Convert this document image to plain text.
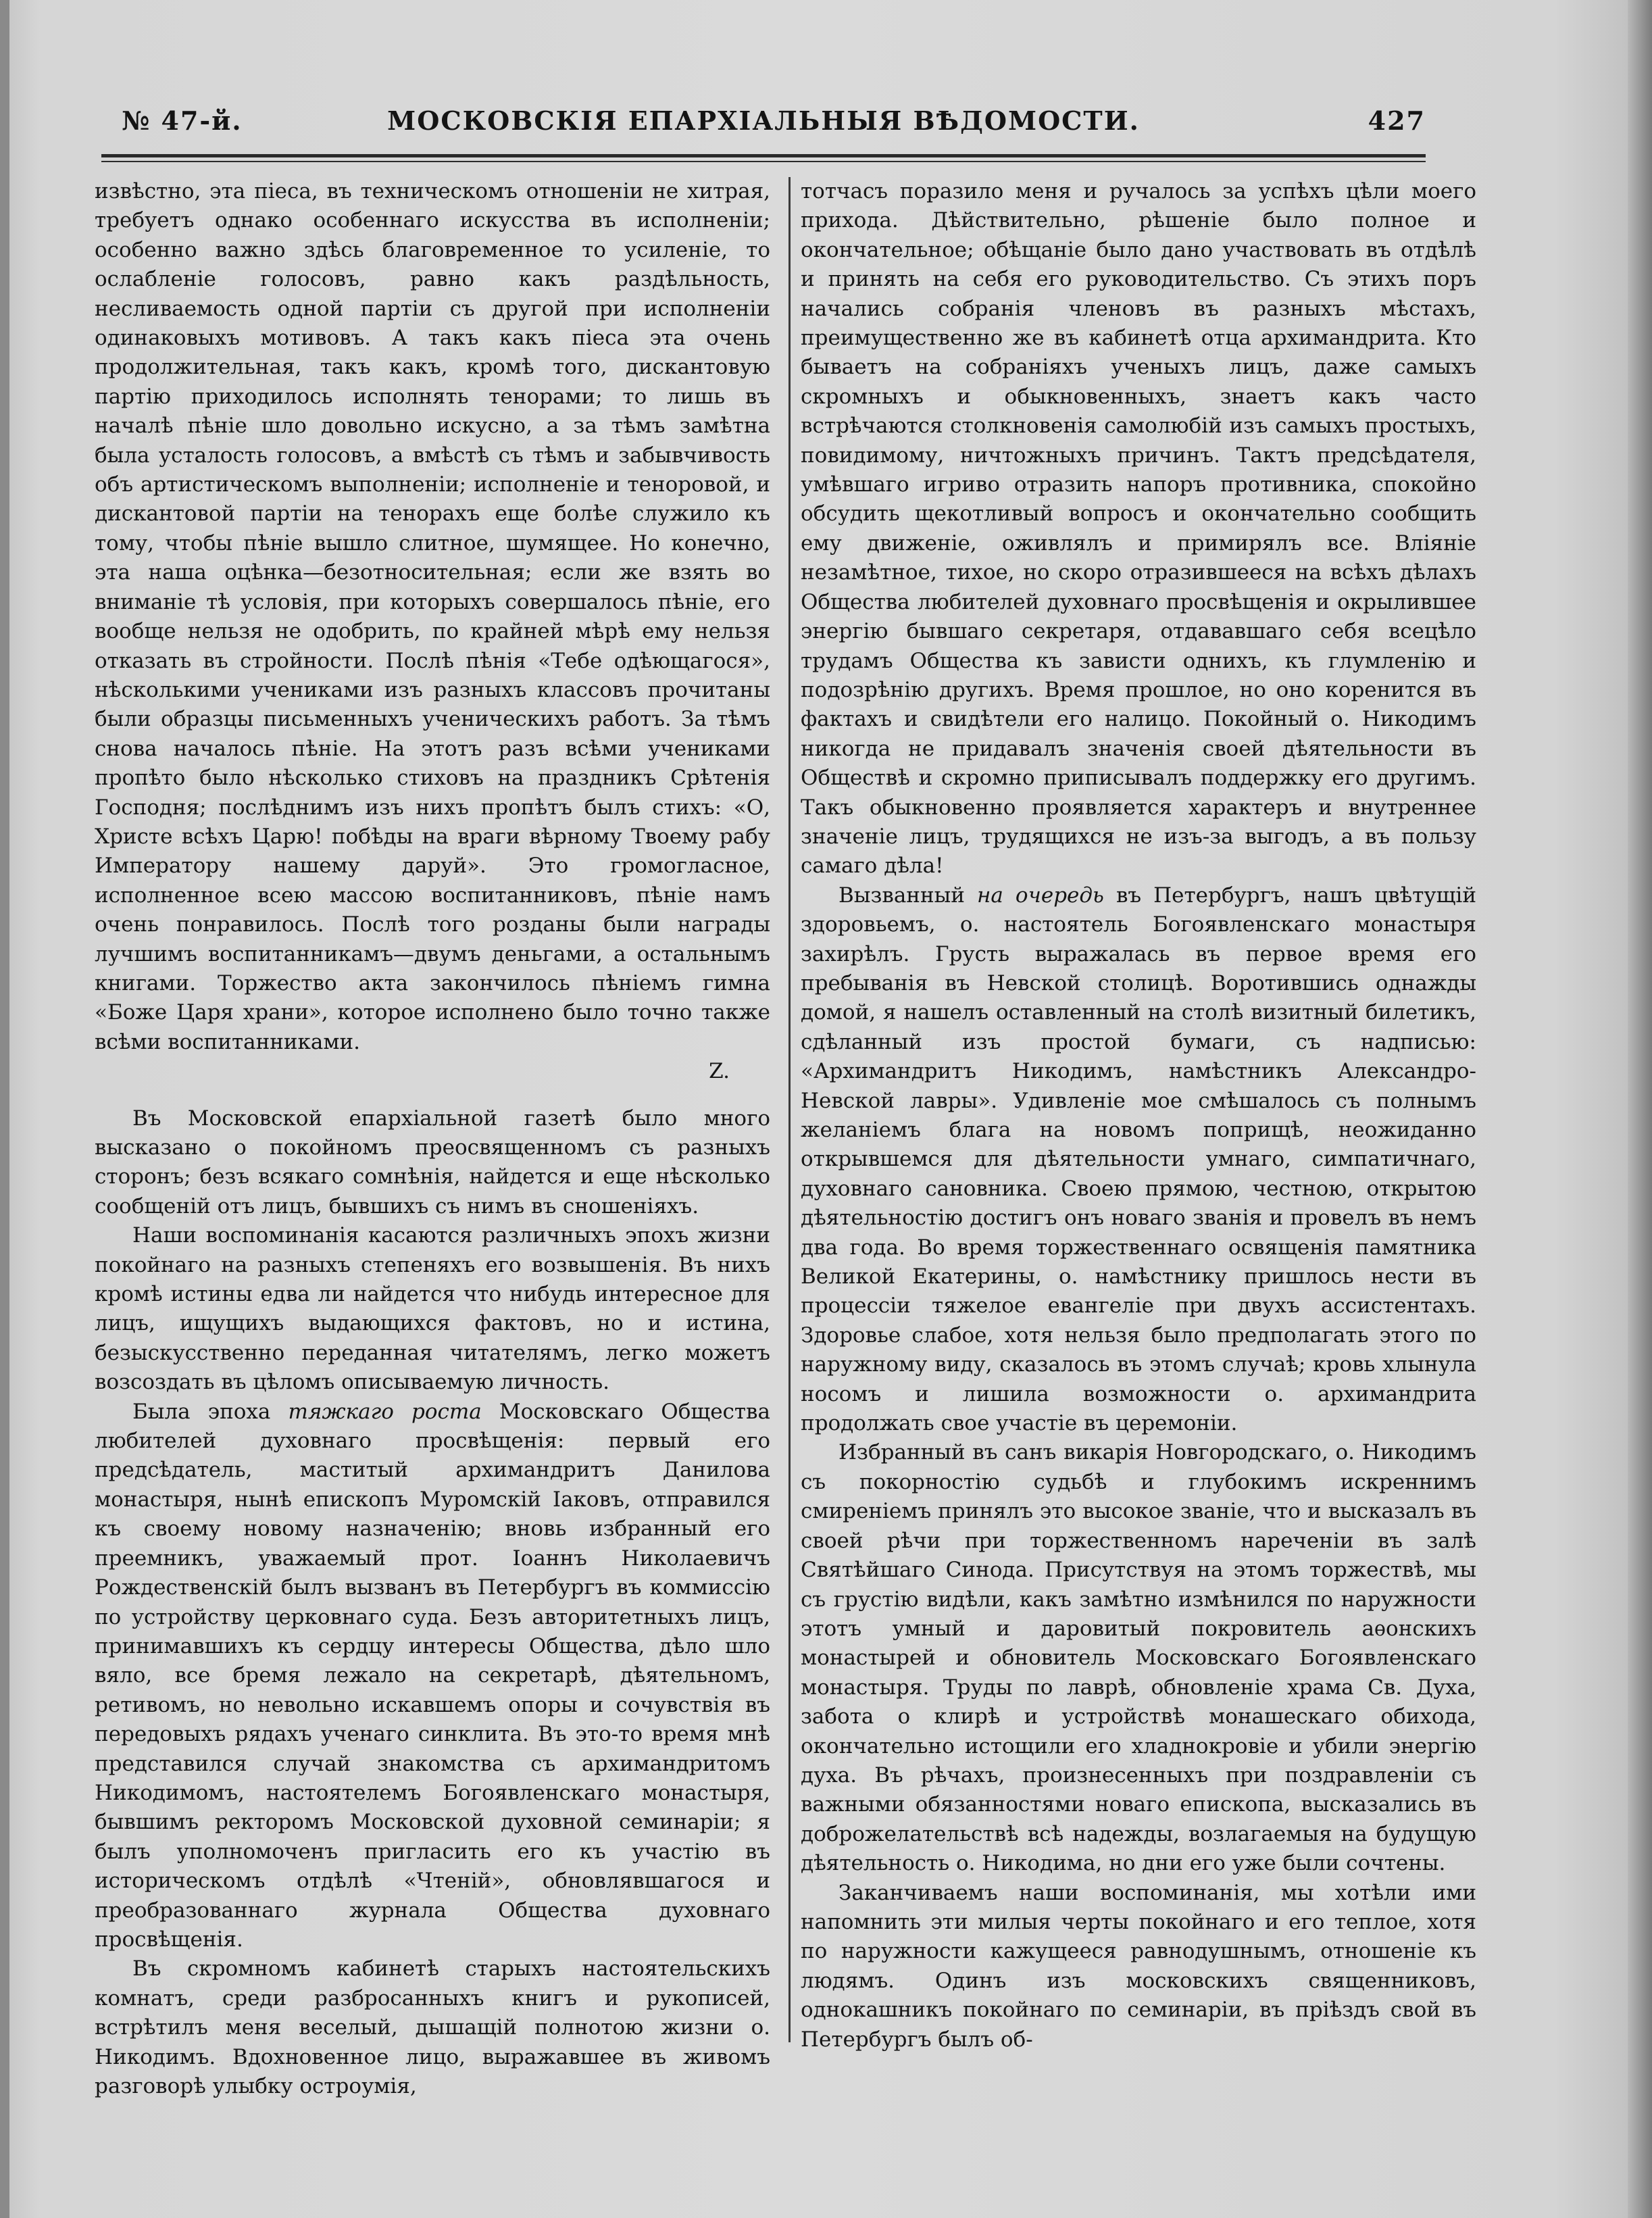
№ 47-й.	МОСКОВСКІЯ ЕПАРХІАЛЬНЫЯ ВѢДОМОСТИ.	427

извѣстно, эта пiеса, въ техническомъ отношенiи не хитрая, требуетъ однако особеннаго искусства въ исполненiи; особенно важно здѣсь благовременное то усиленiе, то ослабленiе голосовъ, равно какъ раздѣльность, несливаемость одной партiи съ другой при исполненiи одинаковыхъ мотивовъ. А такъ какъ пiеса эта очень продолжительная, такъ какъ, кромѣ того, дискантовую партiю приходилось исполнять тенорами; то лишь въ началѣ пѣнiе шло довольно искусно, а за тѣмъ замѣтна была усталость голосовъ, а вмѣстѣ съ тѣмъ и забывчивость объ артистическомъ выполненiи; исполненiе и теноровой, и дискантовой партiи на тенорахъ еще болѣе служило къ тому, чтобы пѣнiе вышло слитное, шумящее. Но конечно, эта наша оцѣнка—безотносительная; если же взять во вниманiе тѣ условiя, при которыхъ совершалось пѣнiе, его вообще нельзя не одобрить, по крайней мѣрѣ ему нельзя отказать въ стройности. Послѣ пѣнiя «Тебе одѣющагося», нѣсколькими учениками изъ разныхъ классовъ прочитаны были образцы письменныхъ ученическихъ работъ. За тѣмъ снова началось пѣнiе. На этотъ разъ всѣми учениками пропѣто было нѣсколько стиховъ на праздникъ Срѣтенiя Господня; послѣднимъ изъ нихъ пропѣтъ былъ стихъ: «О, Христе всѣхъ Царю! побѣды на враги вѣрному Твоему рабу Императору нашему даруй». Это громогласное, исполненное всею массою воспитанниковъ, пѣнiе намъ очень понравилось. Послѣ того розданы были награды лучшимъ воспитанникамъ—двумъ деньгами, а остальнымъ книгами. Торжество акта закончилось пѣнiемъ гимна «Боже Царя храни», которое исполнено было точно также всѣми воспитанниками.

Z.

Въ Московской епархiальной газетѣ было много высказано о покойномъ преосвященномъ съ разныхъ сторонъ; безъ всякаго сомнѣнiя, найдется и еще нѣсколько сообщенiй отъ лицъ, бывшихъ съ нимъ въ сношенiяхъ.

Наши воспоминанiя касаются различныхъ эпохъ жизни покойнаго на разныхъ степеняхъ его возвышенiя. Въ нихъ кромѣ истины едва ли найдется что нибудь интересное для лицъ, ищущихъ выдающихся фактовъ, но и истина, безыскусственно переданная читателямъ, легко можетъ возсоздать въ цѣломъ описываемую личность.

Была эпоха тяжкаго роста Московскаго Общества любителей духовнаго просвѣщенiя: первый его предсѣдатель, маститый архимандритъ Данилова монастыря, нынѣ епископъ Муромскiй Iаковъ, отправился къ своему новому назначенiю; вновь избранный его преемникъ, уважаемый прот. Iоаннъ Николаевичъ Рождественскiй былъ вызванъ въ Петербургъ въ коммиссiю по устройству церковнаго суда. Безъ авторитетныхъ лицъ, принимавшихъ къ сердцу интересы Общества, дѣло шло вяло, все бремя лежало на секретарѣ, дѣятельномъ, ретивомъ, но невольно искавшемъ опоры и сочувствiя въ передовыхъ рядахъ ученаго синклита. Въ это-то время мнѣ представился случай знакомства съ архимандритомъ Никодимомъ, настоятелемъ Богоявленскаго монастыря, бывшимъ ректоромъ Московской духовной семинарiи; я былъ уполномоченъ пригласить его къ участiю въ историческомъ отдѣлѣ «Чтенiй», обновлявшагося и преобразованнаго журнала Общества духовнаго просвѣщенiя.

Въ скромномъ кабинетѣ старыхъ настоятельскихъ комнатъ, среди разбросанныхъ книгъ и рукописей, встрѣтилъ меня веселый, дышащiй полнотою жизни о. Никодимъ. Вдохновенное лицо, выражавшее въ живомъ разговорѣ улыбку остроумiя,

тотчасъ поразило меня и ручалось за успѣхъ цѣли моего прихода. Дѣйствительно, рѣшенiе было полное и окончательное; обѣщанiе было дано участвовать въ отдѣлѣ и принять на себя его руководительство. Съ этихъ поръ начались собранiя членовъ въ разныхъ мѣстахъ, преимущественно же въ кабинетѣ отца архимандрита. Кто бываетъ на собранiяхъ ученыхъ лицъ, даже самыхъ скромныхъ и обыкновенныхъ, знаетъ какъ часто встрѣчаются столкновенiя самолюбiй изъ самыхъ простыхъ, повидимому, ничтожныхъ причинъ. Тактъ предсѣдателя, умѣвшаго игриво отразить напоръ противника, спокойно обсудить щекотливый вопросъ и окончательно сообщить ему движенiе, оживлялъ и примирялъ все. Влiянiе незамѣтное, тихое, но скоро отразившееся на всѣхъ дѣлахъ Общества любителей духовнаго просвѣщенiя и окрылившее энергiю бывшаго секретаря, отдававшаго себя всецѣло трудамъ Общества къ зависти однихъ, къ глумленiю и подозрѣнiю другихъ. Время прошлое, но оно коренится въ фактахъ и свидѣтели его налицо. Покойный о. Никодимъ никогда не придавалъ значенiя своей дѣятельности въ Обществѣ и скромно приписывалъ поддержку его другимъ. Такъ обыкновенно проявляется характеръ и внутреннее значенiе лицъ, трудящихся не изъ-за выгодъ, а въ пользу самаго дѣла!

Вызванный на очередь въ Петербургъ, нашъ цвѣтущiй здоровьемъ, о. настоятель Богоявленскаго монастыря захирѣлъ. Грусть выражалась въ первое время его пребыванiя въ Невской столицѣ. Воротившись однажды домой, я нашелъ оставленный на столѣ визитный билетикъ, сдѣланный изъ простой бумаги, съ надписью: «Архимандритъ Никодимъ, намѣстникъ Александро-Невской лавры». Удивленiе мое смѣшалось съ полнымъ желанiемъ блага на новомъ поприщѣ, неожиданно открывшемся для дѣятельности умнаго, симпатичнаго, духовнаго сановника. Своею прямою, честною, открытою дѣятельностiю достигъ онъ новаго званiя и провелъ въ немъ два года. Во время торжественнаго освященiя памятника Великой Екатерины, о. намѣстнику пришлось нести въ процессiи тяжелое евангелiе при двухъ ассистентахъ. Здоровье слабое, хотя нельзя было предполагать этого по наружному виду, сказалось въ этомъ случаѣ; кровь хлынула носомъ и лишила возможности о. архимандрита продолжать свое участiе въ церемонiи.

Избранный въ санъ викарiя Новгородскаго, о. Никодимъ съ покорностiю судьбѣ и глубокимъ искреннимъ смиренiемъ принялъ это высокое званiе, что и высказалъ въ своей рѣчи при торжественномъ нареченiи въ залѣ Святѣйшаго Синода. Присутствуя на этомъ торжествѣ, мы съ грустiю видѣли, какъ замѣтно измѣнился по наружности этотъ умный и даровитый покровитель аѳонскихъ монастырей и обновитель Московскаго Богоявленскаго монастыря. Труды по лаврѣ, обновленiе храма Св. Духа, забота о клирѣ и устройствѣ монашескаго обихода, окончательно истощили его хладнокровiе и убили энергiю духа. Въ рѣчахъ, произнесенныхъ при поздравленiи съ важными обязанностями новаго епископа, высказались въ доброжелательствѣ всѣ надежды, возлагаемыя на будущую дѣятельность о. Никодима, но дни его уже были сочтены.

Заканчиваемъ наши воспоминанiя, мы хотѣли ими напомнить эти милыя черты покойнаго и его теплое, хотя по наружности кажущееся равнодушнымъ, отношенiе къ людямъ. Одинъ изъ московскихъ священниковъ, однокашникъ покойнаго по семинарiи, въ прiѣздъ свой въ Петербургъ былъ об-
